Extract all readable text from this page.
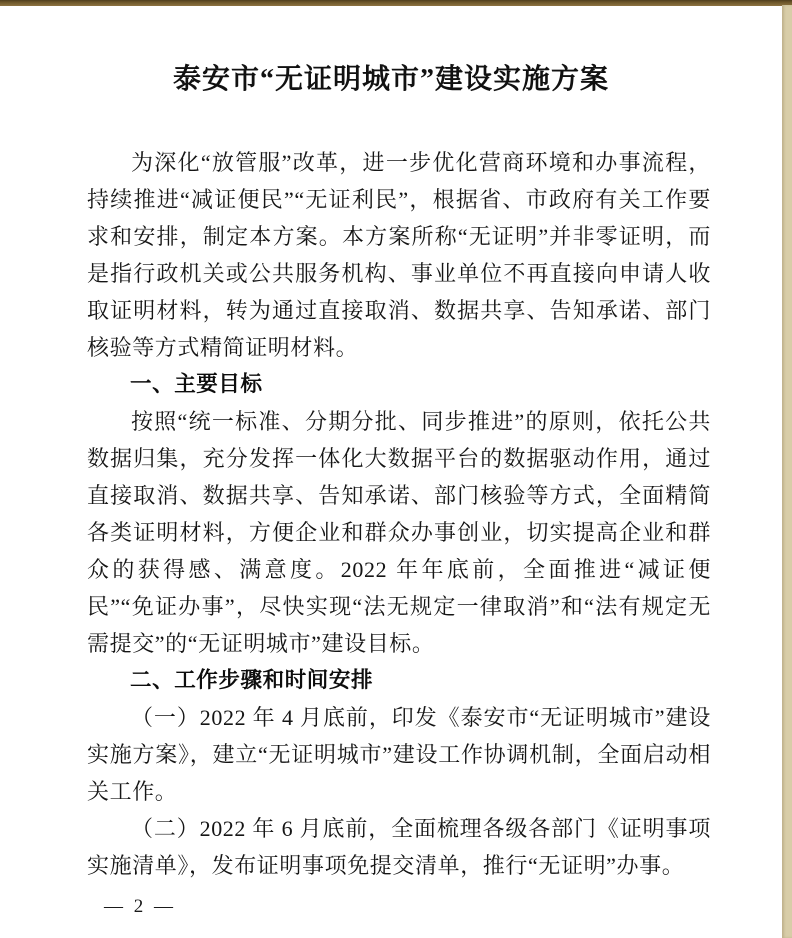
泰安市“无证明城市”建设实施方案

为深化“放管服”改革，进一步优化营商环境和办事流程，持续推进“减证便民”“无证利民”，根据省、市政府有关工作要求和安排，制定本方案。本方案所称“无证明”并非零证明，而是指行政机关或公共服务机构、事业单位不再直接向申请人收取证明材料，转为通过直接取消、数据共享、告知承诺、部门核验等方式精简证明材料。

一、主要目标

按照“统一标准、分期分批、同步推进”的原则，依托公共数据归集，充分发挥一体化大数据平台的数据驱动作用，通过直接取消、数据共享、告知承诺、部门核验等方式，全面精简各类证明材料，方便企业和群众办事创业，切实提高企业和群众的获得感、满意度。2022 年年底前，全面推进“减证便民”“免证办事”，尽快实现“法无规定一律取消”和“法有规定无需提交”的“无证明城市”建设目标。

二、工作步骤和时间安排

（一）2022 年 4 月底前，印发《泰安市“无证明城市”建设实施方案》，建立“无证明城市”建设工作协调机制，全面启动相关工作。

（二）2022 年 6 月底前，全面梳理各级各部门《证明事项实施清单》，发布证明事项免提交清单，推行“无证明”办事。

— 2 —
